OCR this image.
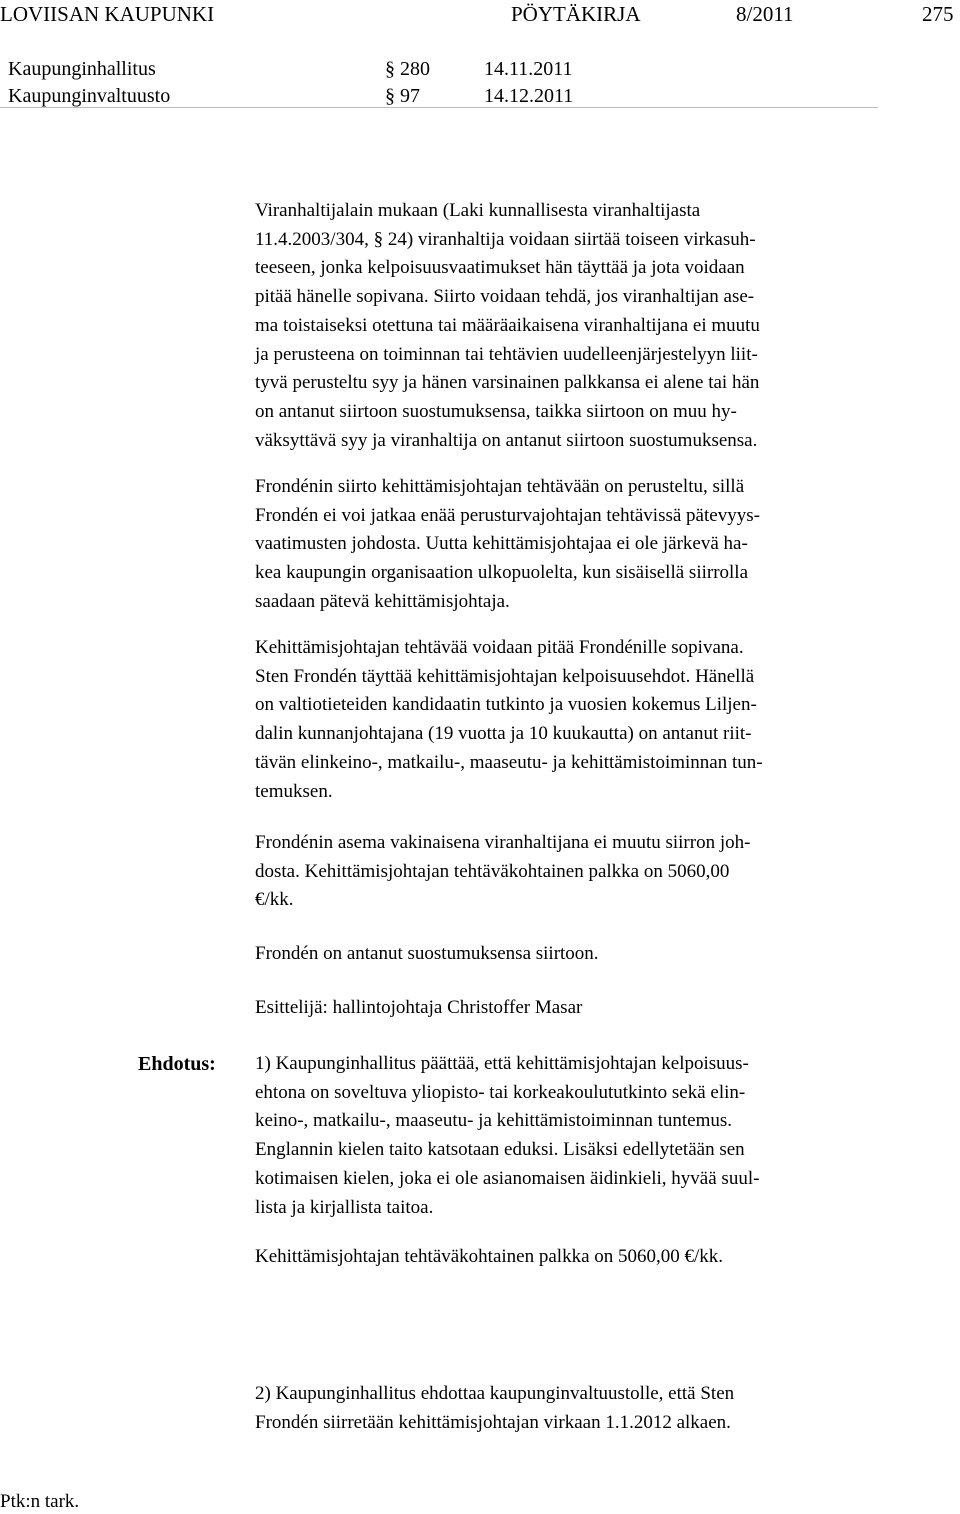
LOVIISAN KAUPUNKI	PÖYTÄKIRJA	8/2011	275
Kaupunginhallitus	§ 280	14.11.2011
Kaupunginvaltuusto	§ 97	14.12.2011
Viranhaltijalain mukaan (Laki kunnallisesta viranhaltijasta
11.4.2003/304, § 24) viranhaltija voidaan siirtää toiseen virkasuh-
teeseen, jonka kelpoisuusvaatimukset hän täyttää ja jota voidaan
pitää hänelle sopivana. Siirto voidaan tehdä, jos viranhaltijan ase-
ma toistaiseksi otettuna tai määräaikaisena viranhaltijana ei muutu
ja perusteena on toiminnan tai tehtävien uudelleenjärjestelyyn liit-
tyvä perusteltu syy ja hänen varsinainen palkkansa ei alene tai hän
on antanut siirtoon suostumuksensa, taikka siirtoon on muu hy-
väksyttävä syy ja viranhaltija on antanut siirtoon suostumuksensa.
Frondénin siirto kehittämisjohtajan tehtävään on perusteltu, sillä
Frondén ei voi jatkaa enää perusturvajohtajan tehtävissä pätevyys-
vaatimusten johdosta. Uutta kehittämisjohtajaa ei ole järkevä ha-
kea kaupungin organisaation ulkopuolelta, kun sisäisellä siirrolla
saadaan pätevä kehittämisjohtaja.
Kehittämisjohtajan tehtävää voidaan pitää Frondénille sopivana.
Sten Frondén täyttää kehittämisjohtajan kelpoisuusehdot. Hänellä
on valtiotieteiden kandidaatin tutkinto ja vuosien kokemus Liljen-
dalin kunnanjohtajana (19 vuotta ja 10 kuukautta) on antanut riit-
tävän elinkeino-, matkailu-, maaseutu- ja kehittämistoiminnan tun-
temuksen.
Frondénin asema vakinaisena viranhaltijana ei muutu siirron joh-
dosta. Kehittämisjohtajan tehtäväkohtainen palkka on 5060,00
€/kk.
Frondén on antanut suostumuksensa siirtoon.
Esittelijä: hallintojohtaja Christoffer Masar
Ehdotus: 1) Kaupunginhallitus päättää, että kehittämisjohtajan kelpoisuus-
ehtona on soveltuva yliopisto- tai korkeakoulututkinto sekä elin-
keino-, matkailu-, maaseutu- ja kehittämistoiminnan tuntemus.
Englannin kielen taito katsotaan eduksi. Lisäksi edellytetään sen
kotimaisen kielen, joka ei ole asianomaisen äidinkieli, hyvää suul-
lista ja kirjallista taitoa.
Kehittämisjohtajan tehtäväkohtainen palkka on 5060,00 €/kk.
2) Kaupunginhallitus ehdottaa kaupunginvaltuustolle, että Sten
Frondén siirretään kehittämisjohtajan virkaan 1.1.2012 alkaen.
Ptk:n tark.
